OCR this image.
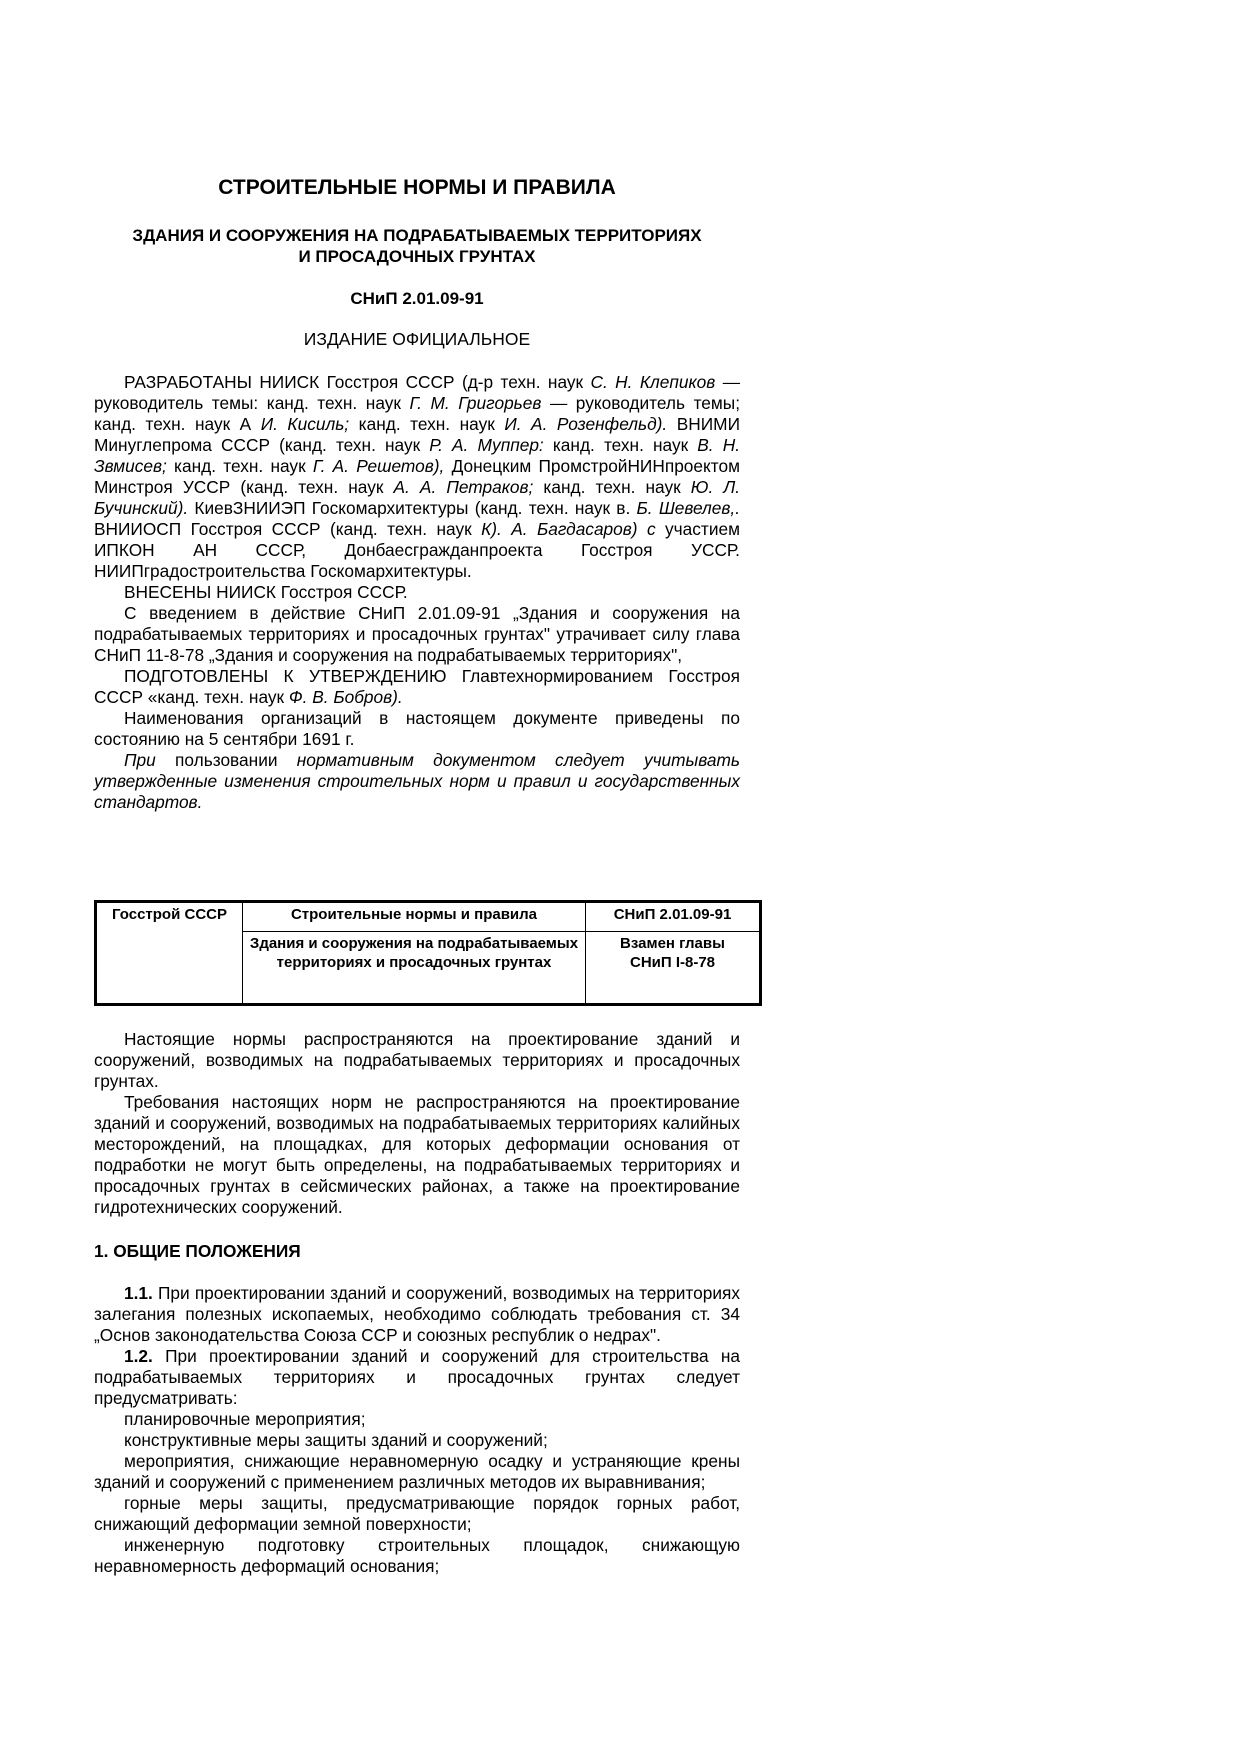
СТРОИТЕЛЬНЫЕ НОРМЫ И ПРАВИЛА
ЗДАНИЯ И СООРУЖЕНИЯ НА ПОДРАБАТЫВАЕМЫХ ТЕРРИТОРИЯХ
И ПРОСАДОЧНЫХ ГРУНТАХ
СНиП 2.01.09-91
ИЗДАНИЕ ОФИЦИАЛЬНОЕ

РАЗРАБОТАНЫ НИИСК Госстроя СССР (д-р техн. наук С. Н. Клепиков — руководитель темы: канд. техн. наук Г. М. Григорьев — руководитель темы; канд. техн. наук А И. Кисиль; канд. техн. наук И. А. Розенфельд). ВНИМИ Минуглепрома СССР (канд. техн. наук Р. А. Муппер: канд. техн. наук В. Н. Звмисев; канд. техн. наук Г. А. Решетов), Донецким ПромстройНИНпроектом Минстроя УССР (канд. техн. наук А. А. Петраков; канд. техн. наук Ю. Л. Бучинский). КиевЗНИИЭП Госкомархитектуры (канд. техн. наук в. Б. Шевелев,. ВНИИОСП Госстроя СССР (канд. техн. наук К). А. Багдасаров) с участием ИПКОН АН СССР, Донбаесгражданпроекта Госстроя УССР. НИИПградостроительства Госкомархитектуры.

ВНЕСЕНЫ НИИСК Госстроя СССР.

С введением в действие СНиП 2.01.09-91 „Здания и сооружения на подрабатываемых территориях и просадочных грунтах" утрачивает силу глава СНиП 11-8-78 „Здания и сооружения на подрабатываемых территориях",

ПОДГОТОВЛЕНЫ К УТВЕРЖДЕНИЮ Главтехнормированием Госстроя СССР «канд. техн. наук Ф. В. Бобров).

Наименования организаций в настоящем документе приведены по состоянию на 5 сентябри 1691 г.

При пользовании нормативным документом следует учитывать утвержденные изменения строительных норм и правил и государственных стандартов.

Госстрой СССР	Строительные нормы и правила	СНиП 2.01.09-91
	Здания и сооружения на подрабатываемых территориях и просадочных грунтах	Взамен главы
СНиП I-8-78

Настоящие нормы распространяются на проектирование зданий и сооружений, возводимых на подрабатываемых территориях и просадочных грунтах.

Требования настоящих норм не распространяются на проектирование зданий и сооружений, возводимых на подрабатываемых территориях калийных месторождений, на площадках, для которых деформации основания от подработки не могут быть определены, на подрабатываемых территориях и просадочных грунтах в сейсмических районах, а также на проектирование гидротехнических сооружений.

1. ОБЩИЕ ПОЛОЖЕНИЯ

1.1. При проектировании зданий и сооружений, возводимых на территориях залегания полезных ископаемых, необходимо соблюдать требования ст. 34 „Основ законодательства Союза ССР и союзных республик о недрах".

1.2. При проектировании зданий и сооружений для строительства на подрабатываемых территориях и просадочных грунтах следует предусматривать:

планировочные мероприятия;

конструктивные меры защиты зданий и сооружений;

мероприятия, снижающие неравномерную осадку и устраняющие крены зданий и сооружений с применением различных методов их выравнивания;

горные меры защиты, предусматривающие порядок горных работ, снижающий деформации земной поверхности;

инженерную подготовку строительных площадок, снижающую неравномерность деформаций основания;
